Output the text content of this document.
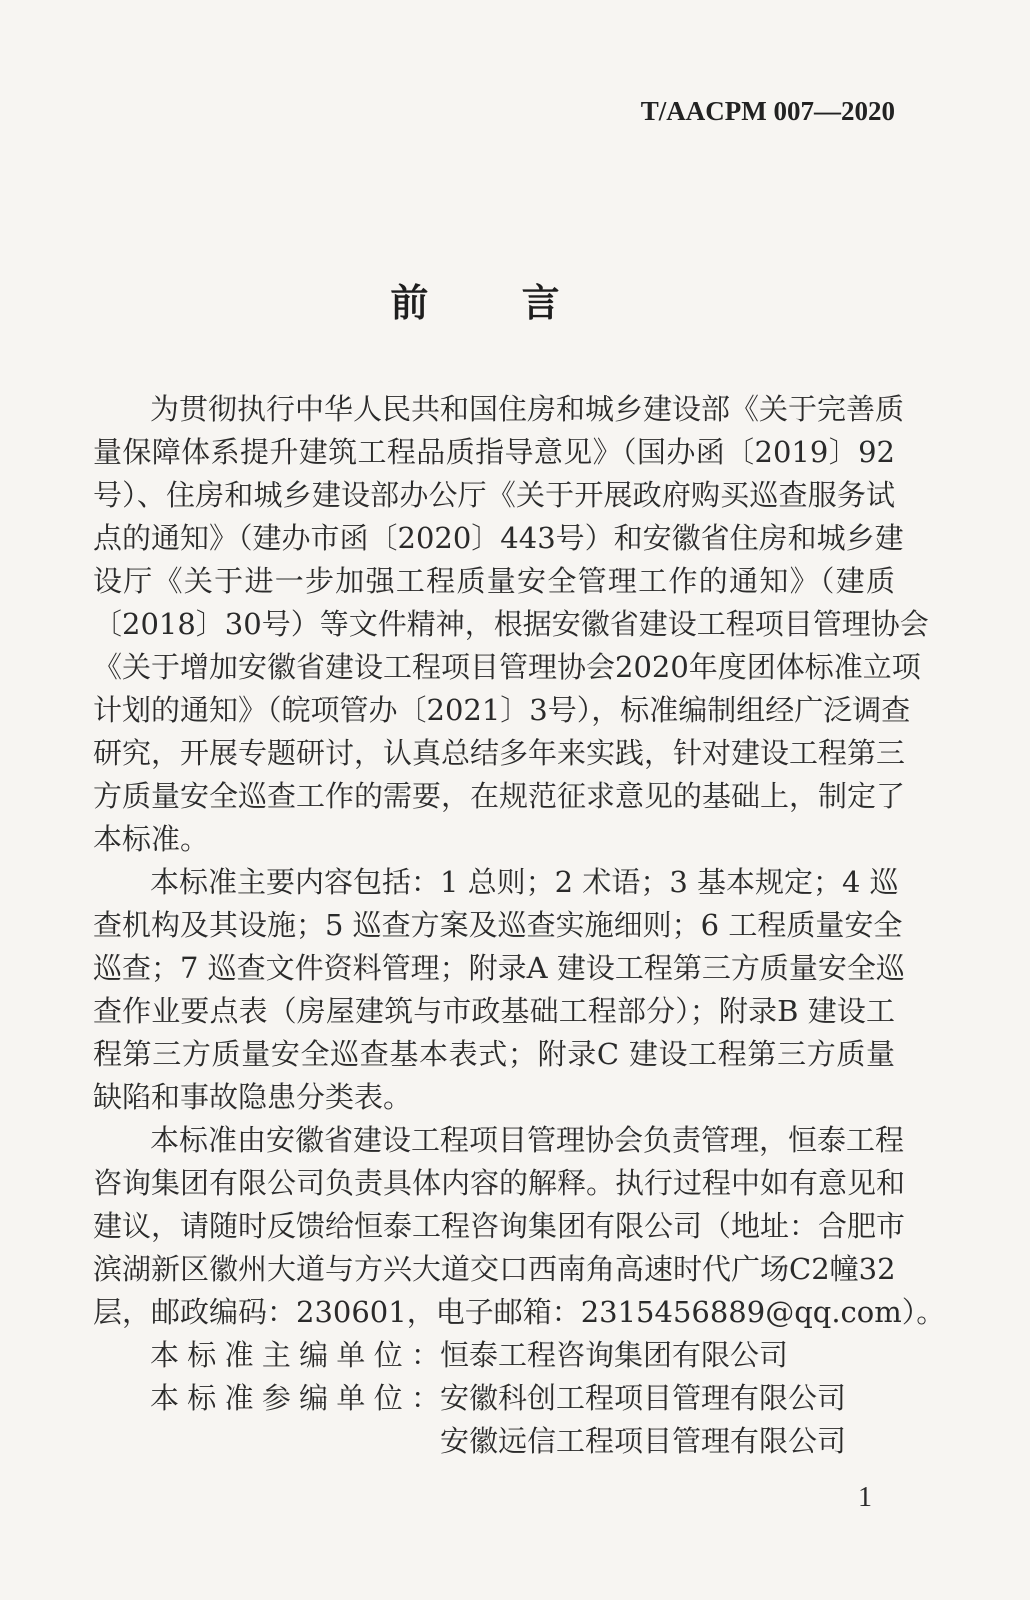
T/AACPM 007—2020
前 言
为贯彻执行中华人民共和国住房和城乡建设部《关于完善质
量保障体系提升建筑工程品质指导意见》（国办函〔2019〕92
号）、住房和城乡建设部办公厅《关于开展政府购买巡查服务试
点的通知》（建办市函〔2020〕443号）和安徽省住房和城乡建
设厅《关于进一步加强工程质量安全管理工作的通知》（建质
〔2018〕30号）等文件精神，根据安徽省建设工程项目管理协会
《关于增加安徽省建设工程项目管理协会2020年度团体标准立项
计划的通知》（皖项管办〔2021〕3号），标准编制组经广泛调查
研究，开展专题研讨，认真总结多年来实践，针对建设工程第三
方质量安全巡查工作的需要，在规范征求意见的基础上，制定了
本标准。
本标准主要内容包括：1 总则；2 术语；3 基本规定；4 巡
查机构及其设施；5 巡查方案及巡查实施细则；6 工程质量安全
巡查；7 巡查文件资料管理；附录A 建设工程第三方质量安全巡
查作业要点表（房屋建筑与市政基础工程部分）；附录B 建设工
程第三方质量安全巡查基本表式；附录C 建设工程第三方质量
缺陷和事故隐患分类表。
本标准由安徽省建设工程项目管理协会负责管理，恒泰工程
咨询集团有限公司负责具体内容的解释。执行过程中如有意见和
建议，请随时反馈给恒泰工程咨询集团有限公司（地址：合肥市
滨湖新区徽州大道与方兴大道交口西南角高速时代广场C2幢32
层，邮政编码：230601，电子邮箱：2315456889@qq.com）。
本标准主编单位：恒泰工程咨询集团有限公司
本标准参编单位：安徽科创工程项目管理有限公司
安徽远信工程项目管理有限公司
1
